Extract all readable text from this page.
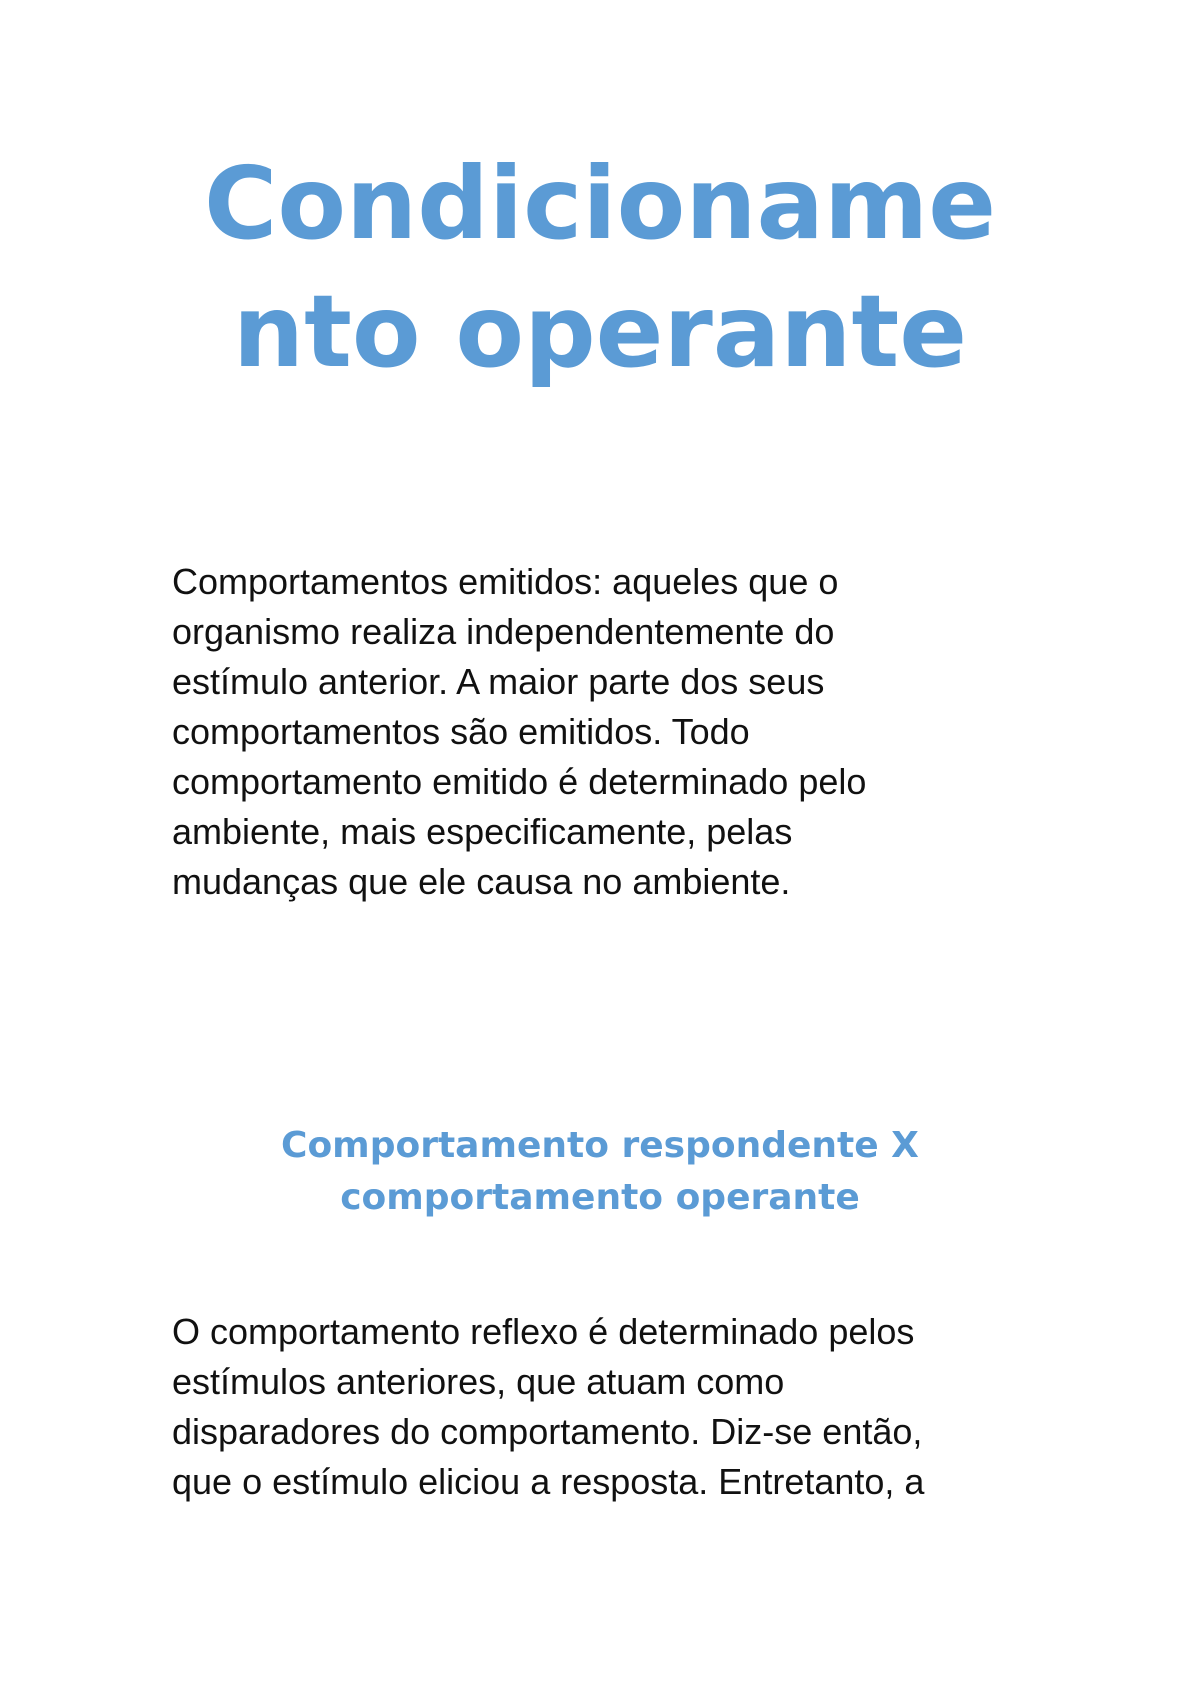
Condicioname
nto operante

Comportamentos emitidos: aqueles que o
organismo realiza independentemente do
estímulo anterior. A maior parte dos seus
comportamentos são emitidos. Todo
comportamento emitido é determinado pelo
ambiente, mais especificamente, pelas
mudanças que ele causa no ambiente.

Comportamento respondente X
comportamento operante

O comportamento reflexo é determinado pelos
estímulos anteriores, que atuam como
disparadores do comportamento. Diz-se então,
que o estímulo eliciou a resposta. Entretanto, a
